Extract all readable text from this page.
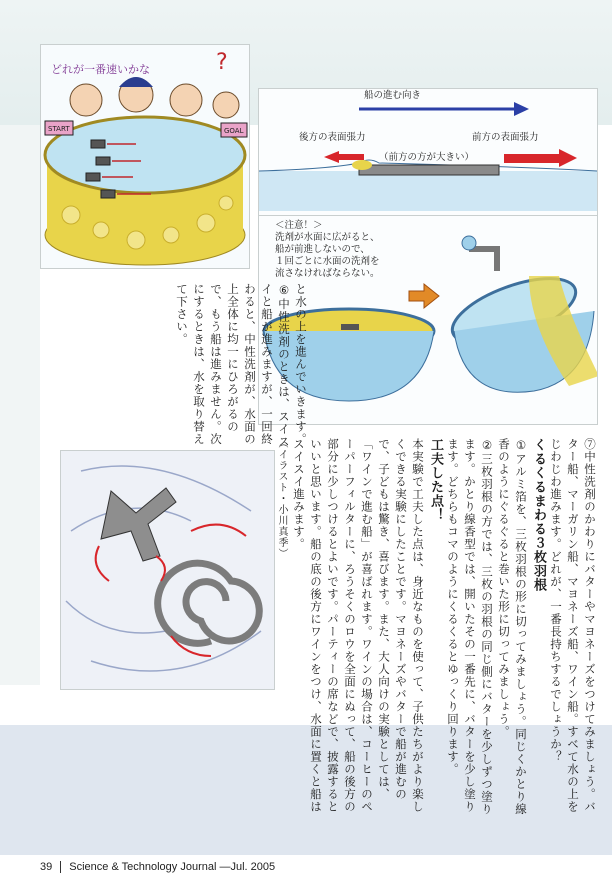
どれが一番速いかな
START	GOAL
?
船の進む向き
後方の表面張力	前方の表面張力
（前方の方が大きい）
＜注意！＞
洗剤が水面に広がると、
船が前進しないので、
１回ごとに水面の洗剤を
流さなければならない。
と水の上を進んでいきます。
⑥中性洗剤のときは、スイスイと船が進みますが、一回終わると、中性洗剤が、水面の上全体に均一にひろがるので、もう船は進みません。次にするときは、水を取り替えて下さい。
⑦中性洗剤のかわりにバターやマヨネーズをつけてみましょう。バター船、マーガリン船、マヨネーズ船、ワイン船。すべて水の上をじわじわ進みます。どれが、一番長持ちするでしょうか？
くるくるまわる３枚羽根
①アルミ箔を、三枚羽根の形に切ってみましょう。同じくかとり線香のようにぐるぐると巻いた形に切ってみましょう。
②三枚羽根の方では、三枚の羽根の同じ側にバターを少しずつ塗ります。かとり線香型では、開いたその一番先に、バターを少し塗ります。どちらもコマのようにくるくるとゆっくり回ります。
工夫した点！
本実験で工夫した点は、身近なものを使って、子供たちがより楽しくできる実験にしたことです。マヨネーズやバターで船が進むので、子どもは驚き、喜びます。また、大人向けの実験としては、「ワインで進む船」が喜ばれます。ワインの場合は、コーヒーのペーパーフィルターに、ろうそくのロウを全面にぬって、船の後方の部分に少しつけるとよいです。パーティーの席などで、披露するといいと思います。船の底の後方にワインをつけ、水面に置くと船はスイスイ進みます。
（イラスト・小川真季）
39 Science & Technology Journal —Jul. 2005
